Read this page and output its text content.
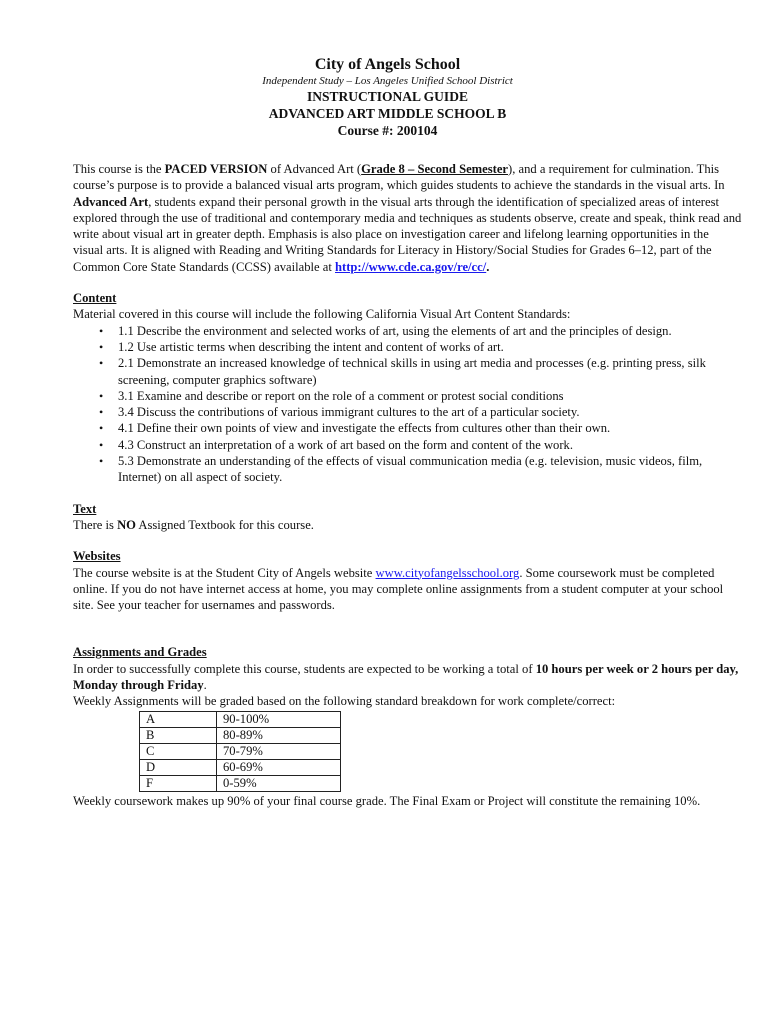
City of Angels School
Independent Study – Los Angeles Unified School District
INSTRUCTIONAL GUIDE
ADVANCED ART MIDDLE SCHOOL B
Course #: 200104

This course is the PACED VERSION of Advanced Art (Grade 8 – Second Semester), and a requirement for culmination. This course’s purpose is to provide a balanced visual arts program, which guides students to achieve the standards in the visual arts. In Advanced Art, students expand their personal growth in the visual arts through the identification of specialized areas of interest explored through the use of traditional and contemporary media and techniques as students observe, create and speak, think read and write about visual art in greater depth. Emphasis is also place on investigation career and lifelong learning opportunities in the visual arts. It is aligned with Reading and Writing Standards for Literacy in History/Social Studies for Grades 6–12, part of the Common Core State Standards (CCSS) available at http://www.cde.ca.gov/re/cc/.

Content

Material covered in this course will include the following California Visual Art Content Standards:

• 1.1 Describe the environment and selected works of art, using the elements of art and the principles of design.
• 1.2 Use artistic terms when describing the intent and content of works of art.
• 2.1 Demonstrate an increased knowledge of technical skills in using art media and processes (e.g. printing press, silk screening, computer graphics software)
• 3.1 Examine and describe or report on the role of a comment or protest social conditions
• 3.4 Discuss the contributions of various immigrant cultures to the art of a particular society.
• 4.1 Define their own points of view and investigate the effects from cultures other than their own.
• 4.3 Construct an interpretation of a work of art based on the form and content of the work.
• 5.3 Demonstrate an understanding of the effects of visual communication media (e.g. television, music videos, film, Internet) on all aspect of society.
Text

There is NO Assigned Textbook for this course.

Websites

The course website is at the Student City of Angels website www.cityofangelsschool.org. Some coursework must be completed online. If you do not have internet access at home, you may complete online assignments from a student computer at your school site. See your teacher for usernames and passwords.

Assignments and Grades

In order to successfully complete this course, students are expected to be working a total of 10 hours per week or 2 hours per day, Monday through Friday.

Weekly Assignments will be graded based on the following standard breakdown for work complete/correct:

A	90-100%
B	80-89%
C	70-79%
D	60-69%
F	0-59%

Weekly coursework makes up 90% of your final course grade. The Final Exam or Project will constitute the remaining 10%.
